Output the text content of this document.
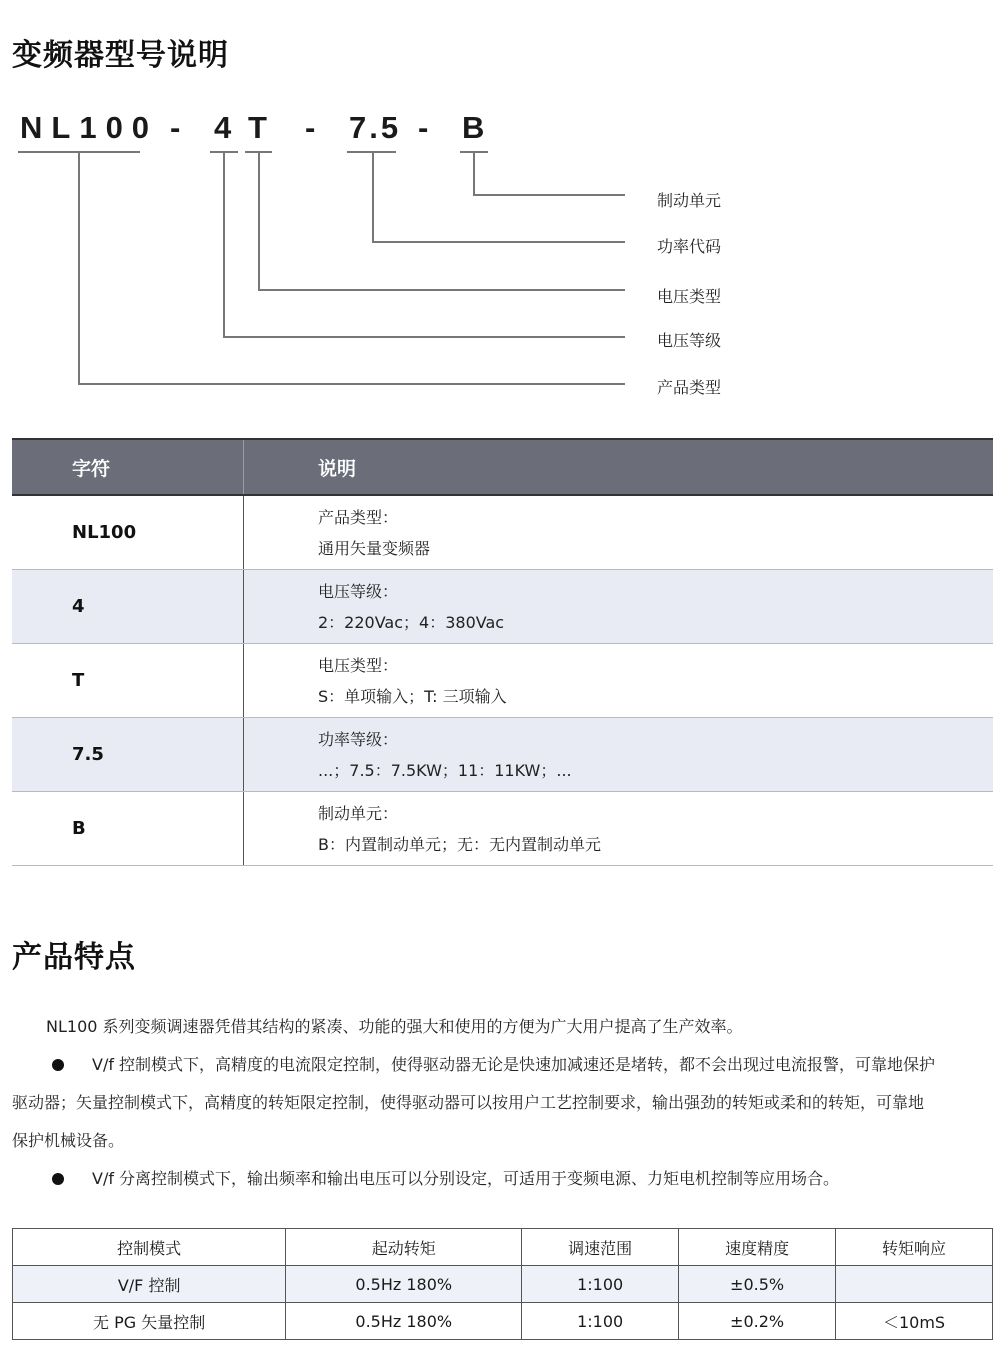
变频器型号说明
NL100 - 4 T - 7.5 - B
制动单元
功率代码
电压类型
电压等级
产品类型
字符	说明
NL100	产品类型：
通用矢量变频器

4	电压等级：
2：220Vac；4：380Vac

T	电压类型：
S：单项输入；T: 三项输入

7.5	功率等级：
...；7.5：7.5KW；11：11KW；...

B	制动单元：
B：内置制动单元；无：无内置制动单元
产品特点

NL100 系列变频调速器凭借其结构的紧凑、功能的强大和使用的方便为广大用户提高了生产效率。

V/f 控制模式下，高精度的电流限定控制，使得驱动器无论是快速加减速还是堵转，都不会出现过电流报警，可靠地保护
驱动器；矢量控制模式下，高精度的转矩限定控制，使得驱动器可以按用户工艺控制要求，输出强劲的转矩或柔和的转矩，可靠地
保护机械设备。
V/f 分离控制模式下，输出频率和输出电压可以分别设定，可适用于变频电源、力矩电机控制等应用场合。
控制模式	起动转矩	调速范围	速度精度	转矩响应
V/F 控制	0.5Hz 180%	1:100	±0.5%	
无 PG 矢量控制	0.5Hz 180%	1:100	±0.2%	＜10mS
